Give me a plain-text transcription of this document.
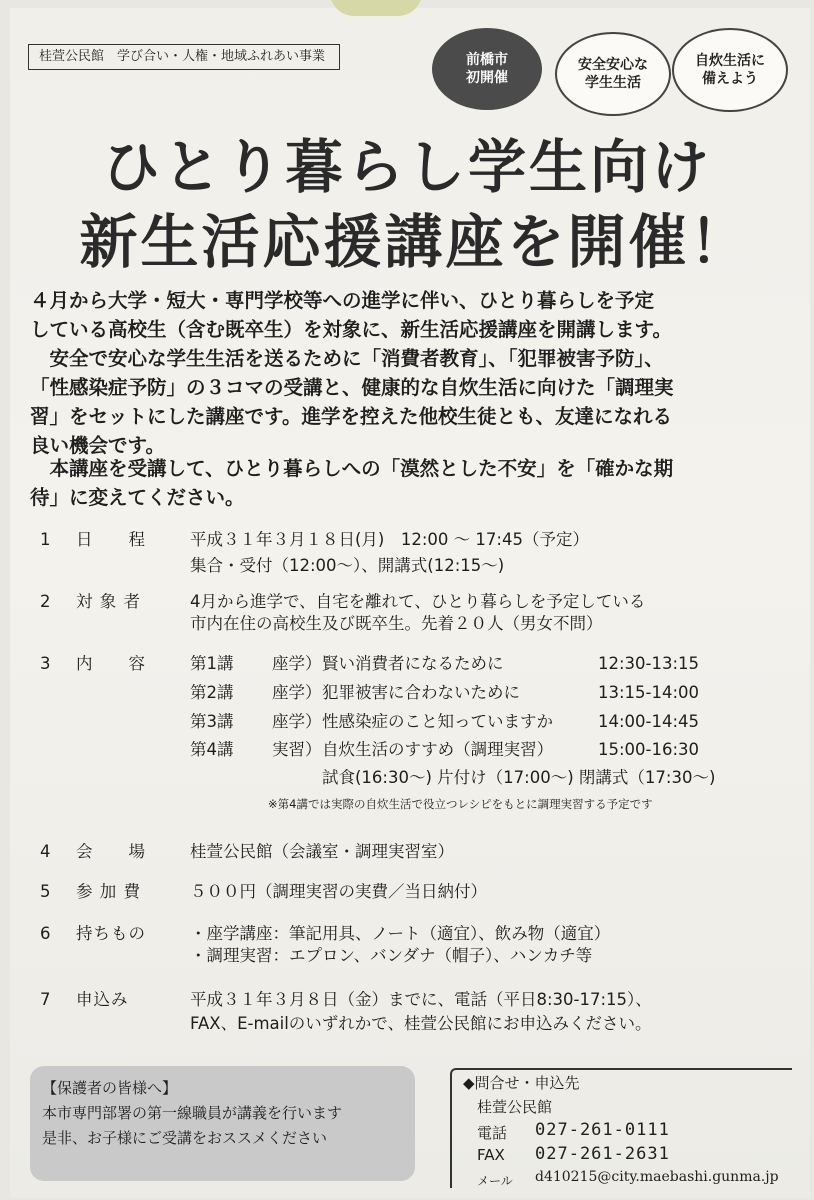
桂萱公民館　学び合い・人権・地域ふれあい事業	前橋市
初開催
安全安心な
学生生活
自炊生活に
備えよう
ひとり暮らし学生向け
新生活応援講座を開催！
４月から大学・短大・専門学校等への進学に伴い、ひとり暮らしを予定
している高校生（含む既卒生）を対象に、新生活応援講座を開講します。
　安全で安心な学生生活を送るために「消費者教育」、「犯罪被害予防」、
「性感染症予防」の３コマの受講と、健康的な自炊生活に向けた「調理実
習」をセットにした講座です。進学を控えた他校生徒とも、友達になれる
良い機会です。
　本講座を受講して、ひとり暮らしへの「漠然とした不安」を「確かな期
待」に変えてください。
1 日　　程	平成３１年３月１８日(月)　12:00 ～ 17:45（予定）
集合・受付（12:00～）、開講式(12:15～)
2 対 象 者	4月から進学で、自宅を離れて、ひとり暮らしを予定している
市内在住の高校生及び既卒生。先着２０人（男女不問）
3 内　　容	第1講 座学） 賢い消費者になるために	12:30-13:15
第2講 座学） 犯罪被害に合わないために	13:15-14:00
第3講 座学） 性感染症のこと知っていますか	14:00-14:45
第4講 実習） 自炊生活のすすめ（調理実習）	15:00-16:30
試食(16:30～) 片付け（17:00～) 閉講式（17:30～)
※第4講では実際の自炊生活で役立つレシピをもとに調理実習する予定です
4 会　　場	桂萱公民館（会議室・調理実習室）
5 参 加 費	５００円（調理実習の実費／当日納付）
6 持ちもの	・座学講座：筆記用具、ノート（適宜）、飲み物（適宜）
・調理実習：エプロン、バンダナ（帽子）、ハンカチ等
7 申込み	平成３１年３月８日（金）までに、電話（平日8:30-17:15）、
FAX、E-mailのいずれかで、桂萱公民館にお申込みください。
【保護者の皆様へ】
本市専門部署の第一線職員が講義を行います
是非、お子様にご受講をおススメください
◆問合せ・申込先
桂萱公民館
電話 027-261-0111
FAX 027-261-2631
メール d410215@city.maebashi.gunma.jp
